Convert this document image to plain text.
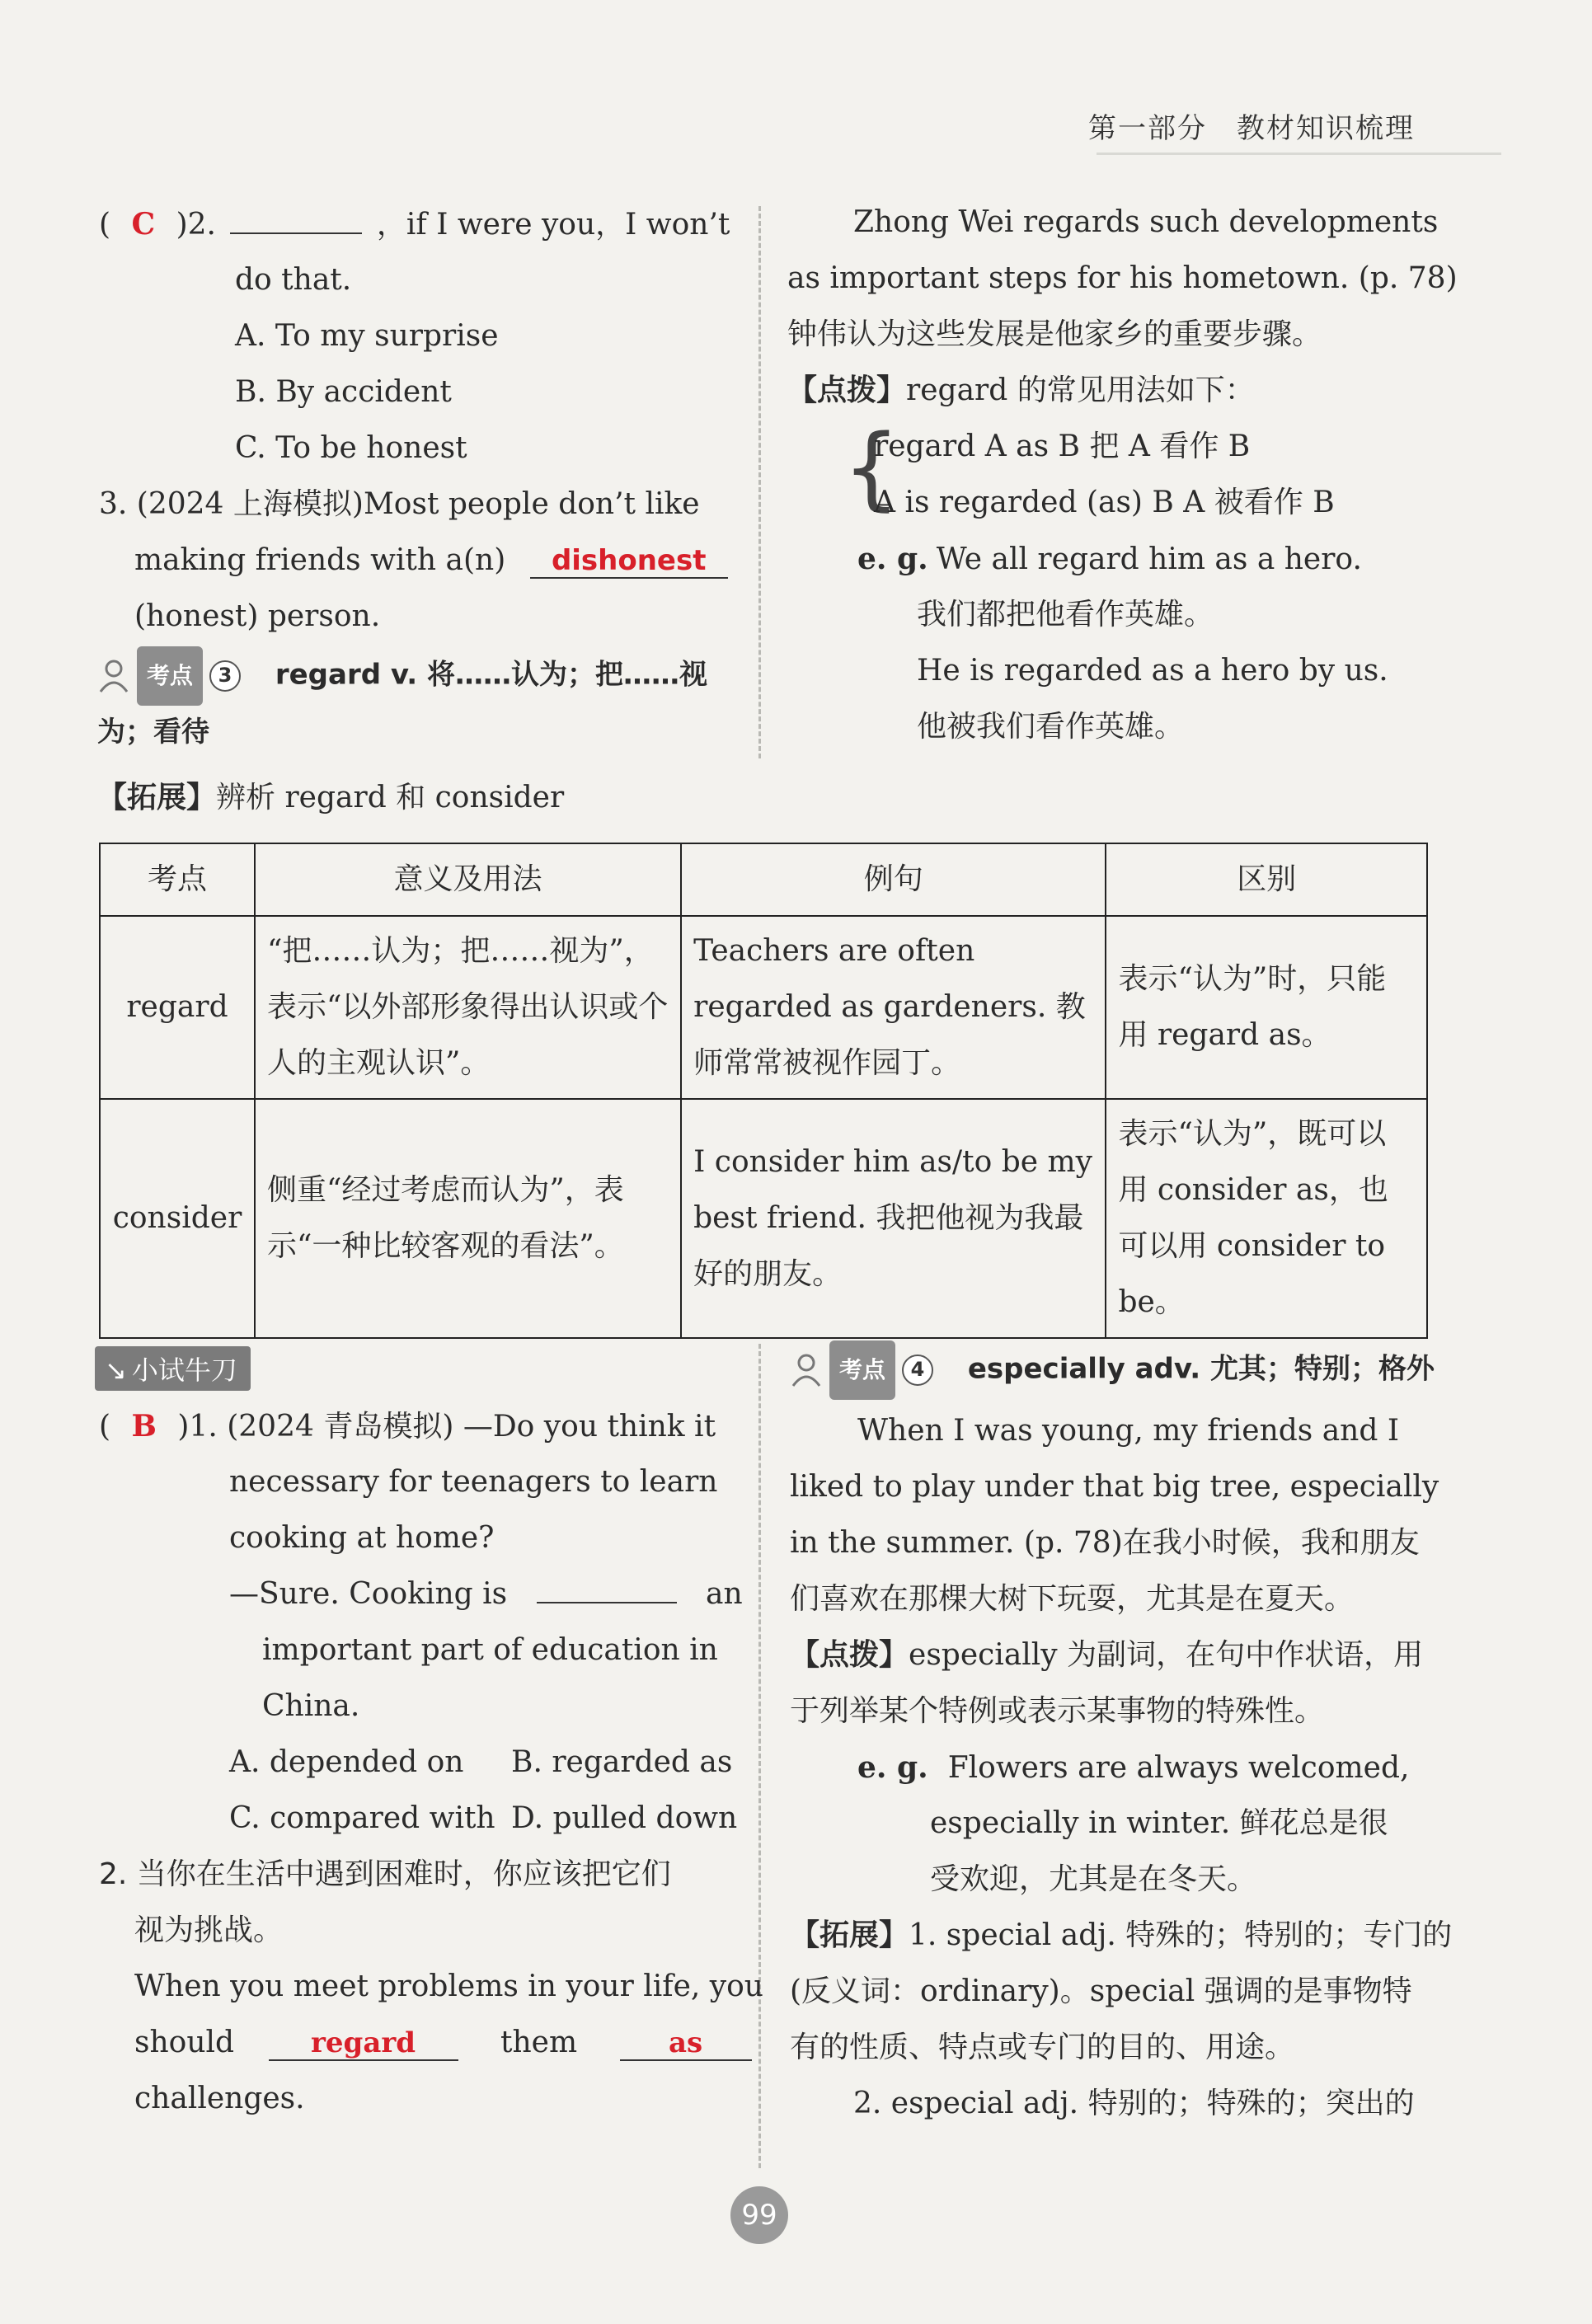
第一部分　教材知识梳理
( C )2.	，if I were you，I won’t
do that.
A. To my surprise
B. By accident
C. To be honest
3. (2024 上海模拟)Most people don’t like
making friends with a(n) dishonest
(honest) person.
考点	3	regard v. 将……认为；把……视
为；看待
Zhong Wei regards such developments
as important steps for his hometown. (p. 78)
钟伟认为这些发展是他家乡的重要步骤。
【点拨】regard 的常见用法如下：
{
regard A as B 把 A 看作 B
A is regarded (as) B A 被看作 B
e. g. We all regard him as a hero.
我们都把他看作英雄。
He is regarded as a hero by us.
他被我们看作英雄。
【拓展】辨析 regard 和 consider
考点	意义及用法	例句	区别
regard	“把……认为；把……视为”，表示“以外部形象得出认识或个人的主观认识”。	Teachers are often regarded as gardeners. 教师常常被视作园丁。	表示“认为”时，只能用 regard as。
consider	侧重“经过考虑而认为”，表示“一种比较客观的看法”。	I consider him as/to be my best friend. 我把他视为我最好的朋友。	表示“认为”，既可以用 consider as，也可以用 consider to be。
↘ 小试牛刀
( B )1. (2024 青岛模拟) —Do you think it
necessary for teenagers to learn
cooking at home?
—Sure. Cooking is	an
important part of education in
China.
A. depended on B. regarded as
C. compared with D. pulled down
2. 当你在生活中遇到困难时，你应该把它们
视为挑战。
When you meet problems in your life, you
should	regard	them	as
challenges.
考点	4	especially adv. 尤其；特别；格外
When I was young, my friends and I
liked to play under that big tree, especially
in the summer. (p. 78)在我小时候，我和朋友
们喜欢在那棵大树下玩耍，尤其是在夏天。
【点拨】especially 为副词，在句中作状语，用
于列举某个特例或表示某事物的特殊性。
e. g. Flowers are always welcomed,
especially in winter. 鲜花总是很
受欢迎，尤其是在冬天。
【拓展】1. special adj. 特殊的；特别的；专门的
(反义词：ordinary)。special 强调的是事物特
有的性质、特点或专门的目的、用途。
2. especial adj. 特别的；特殊的；突出的
99
